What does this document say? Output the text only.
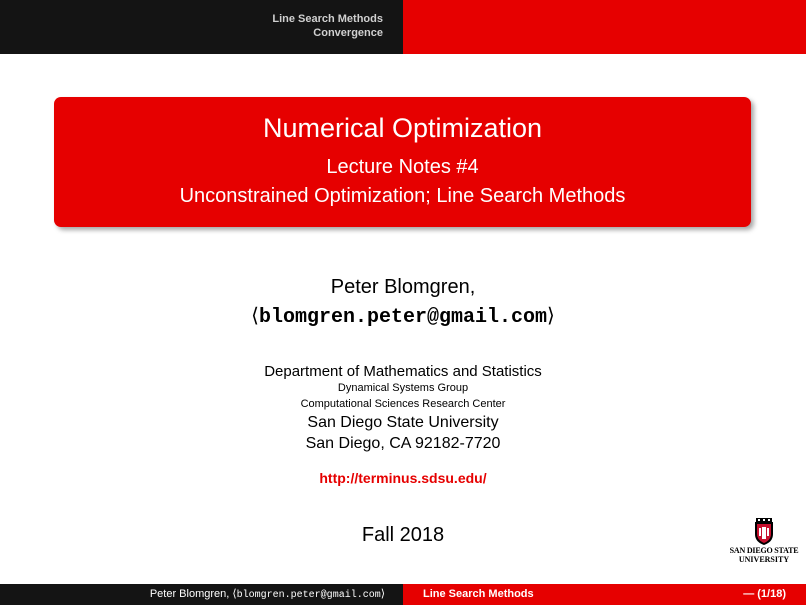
Line Search Methods
Convergence
Numerical Optimization
Lecture Notes #4
Unconstrained Optimization; Line Search Methods
Peter Blomgren,
⟨blomgren.peter@gmail.com⟩
Department of Mathematics and Statistics
Dynamical Systems Group
Computational Sciences Research Center
San Diego State University
San Diego, CA 92182-7720
http://terminus.sdsu.edu/
Fall 2018
SAN DIEGO STATE
UNIVERSITY
Peter Blomgren, ⟨blomgren.peter@gmail.com⟩	Line Search Methods	— (1/18)
